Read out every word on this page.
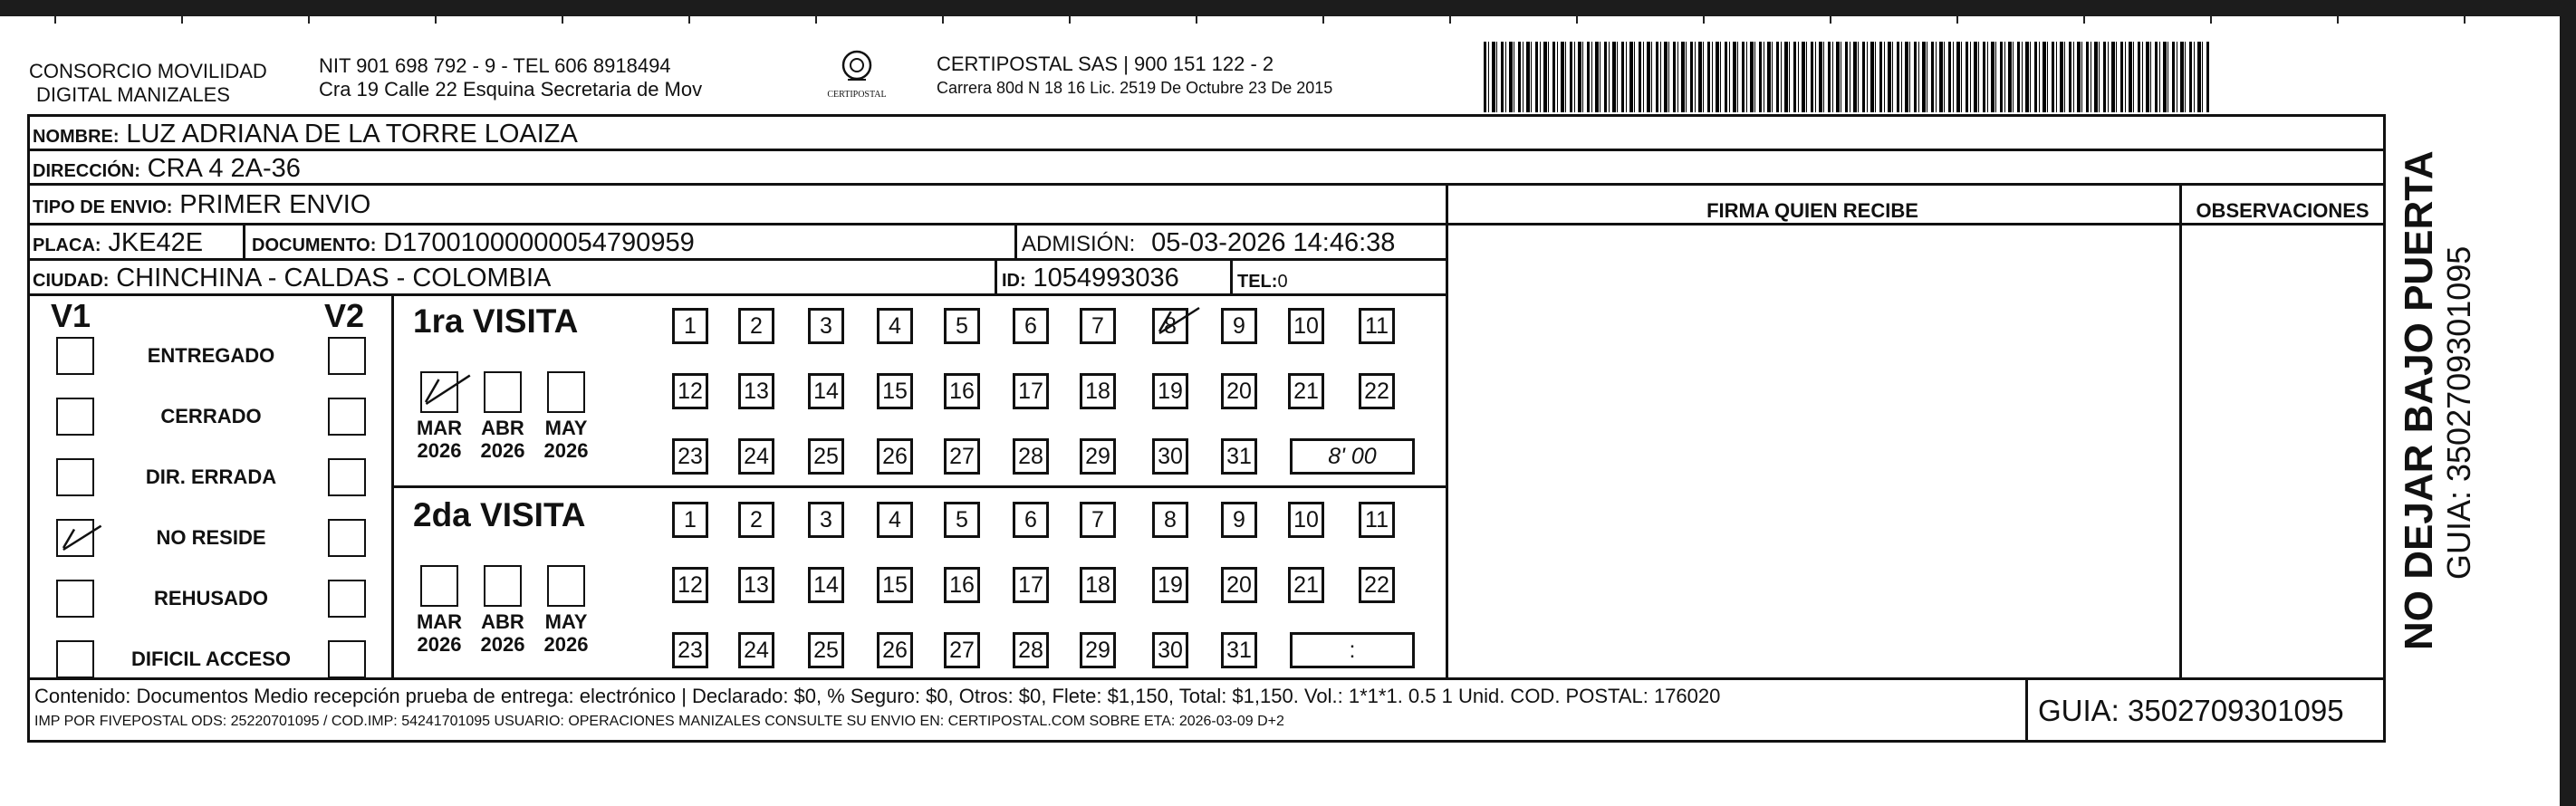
CONSORCIO MOVILIDAD
DIGITAL MANIZALES
NIT 901 698 792 - 9 - TEL 606 8918494
Cra 19 Calle 22 Esquina Secretaria de Mov	CERTIPOSTAL
CERTIPOSTAL SAS | 900 151 122 - 2
Carrera 80d N 18 16 Lic. 2519 De Octubre 23 De 2015
NOMBRE: LUZ ADRIANA DE LA TORRE LOAIZA
DIRECCIÓN: CRA 4 2A-36
TIPO DE ENVIO: PRIMER ENVIO	FIRMA QUIEN RECIBE	OBSERVACIONES
PLACA: JKE42E	DOCUMENTO: D17001000000054790959	ADMISIÓN: 05-03-2026 14:46:38
CIUDAD: CHINCHINA - CALDAS - COLOMBIA	ID: 1054993036	TEL:0
V1	V2
ENTREGADO
CERRADO
DIR. ERRADA
NO RESIDE
REHUSADO
DIFICIL ACCESO
1ra VISITA
MAR
2026
ABR
2026
MAY
2026
1	2	3	4	5	6	7	8	9	10 11
12 13 14 15 16 17 18 19 20 21 22
23 24 25 26 27 28 29 30 31	8' 00
2da VISITA
MAR
2026
ABR
2026
MAY
2026
1	2	3	4	5	6	7	8	9	10 11
12 13 14 15 16 17 18 19 20 21 22
23 24 25 26 27 28 29 30 31	:
Contenido: Documentos Medio recepción prueba de entrega: electrónico | Declarado: $0, % Seguro: $0, Otros: $0, Flete: $1,150, Total: $1,150. Vol.: 1*1*1. 0.5 1 Unid. COD. POSTAL: 176020
IMP POR FIVEPOSTAL ODS: 25220701095 / COD.IMP: 54241701095 USUARIO: OPERACIONES MANIZALES CONSULTE SU ENVIO EN: CERTIPOSTAL.COM SOBRE ETA: 2026-03-09 D+2	GUIA: 3502709301095
NO DEJAR BAJO PUERTA GUIA: 3502709301095
